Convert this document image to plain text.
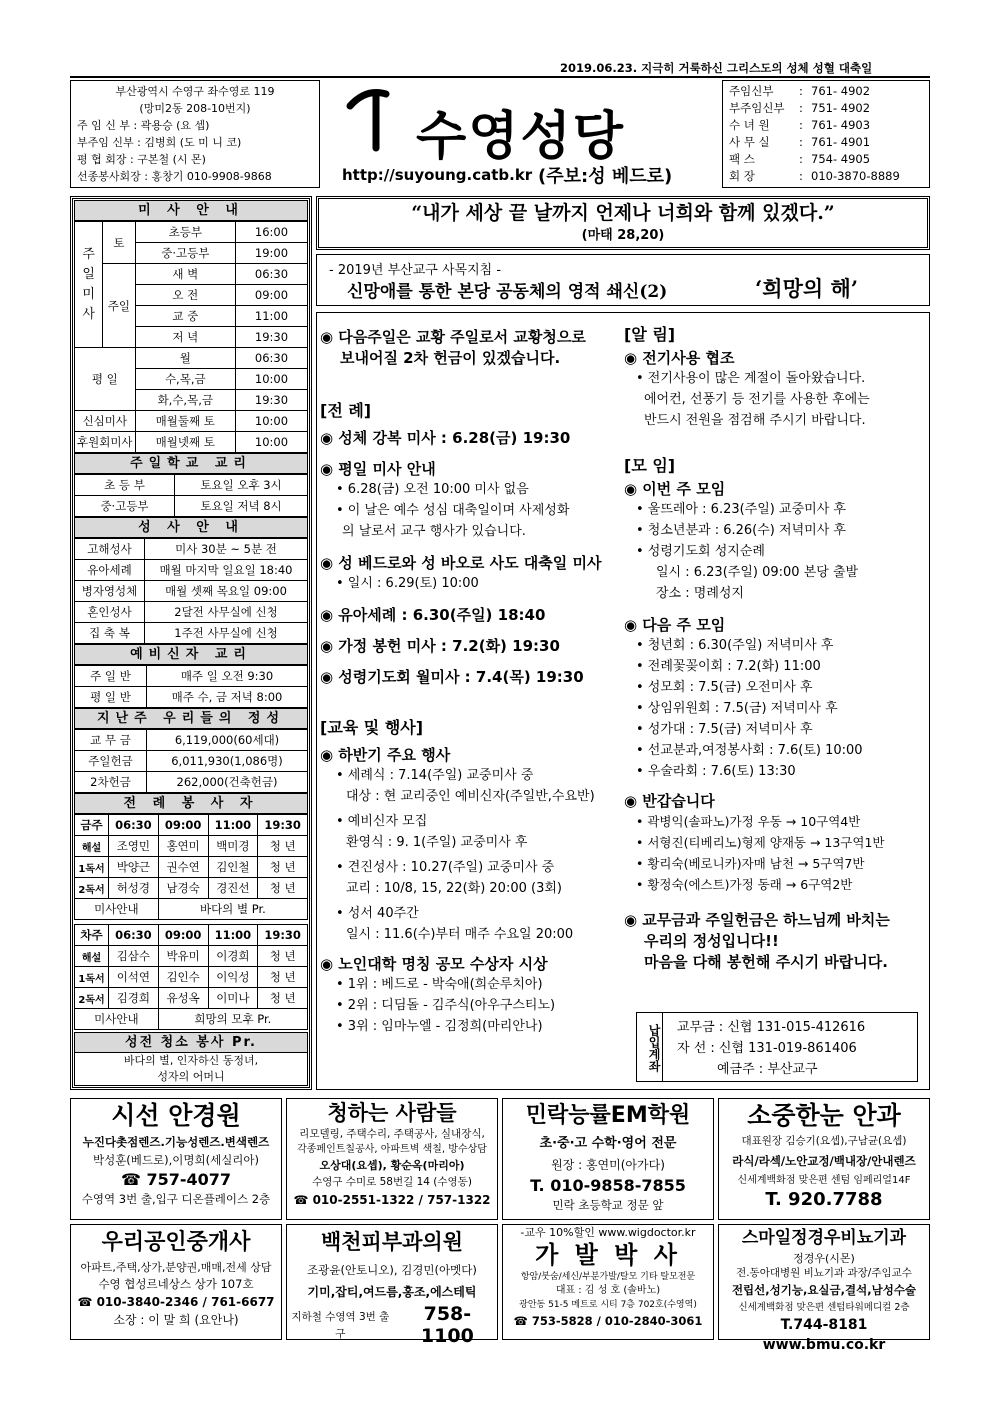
2019.06.23. 지극히 거룩하신 그리스도의 성체 성혈 대축일
부산광역시 수영구 좌수영로 119
(망미2동 208-10번지)
주 임 신 부 : 곽용승 (요 셉)
부주임 신부 : 김병희 (도 미 니 코)
평 협 회장 : 구본철 (시 몬)
선종봉사회장 : 홍창기 010-9908-9868
수영성당
http://suyoung.catb.kr (주보:성 베드로)
주임신부	: 761- 4902
부주임신부	: 751- 4902
수 녀 원	: 761- 4903
사 무 실	: 761- 4901
팩 스	: 754- 4905
회 장	: 010-3870-8889
미 사 안 내
주일미사	토	초등부	16:00
		중·고등부	19:00
	주일	새 벽	06:30
		오 전	09:00
		교 중	11:00
		저 녁	19:30
평 일		월	06:30
		수,목,금	10:00
		화,수,목,금	19:30
신심미사		매월둘째 토	10:00
후원회미사		매월넷째 토	10:00
주일학교 교리
초 등 부	토요일 오후 3시
중·고등부	토요일 저녁 8시
성 사 안 내
고해성사	미사 30분 ~ 5분 전
유아세례	매월 마지막 일요일 18:40
병자영성체	매월 셋째 목요일 09:00
혼인성사	2달전 사무실에 신청
집 축 복	1주전 사무실에 신청
예비신자 교리
주 일 반	매주 일 오전 9:30
평 일 반	매주 수, 금 저녁 8:00
지난주 우리들의 정성
교 무 금	6,119,000(60세대)
주일헌금	6,011,930(1,086명)
2차헌금	262,000(건축헌금)
전 례 봉 사 자
금주	06:30	09:00	11:00	19:30
해설	조영민	홍연미	백미경	청 년
1독서	박양근	권수연	김인철	청 년
2독서	허성경	남경숙	경진선	청 년
미사안내		바다의 별 Pr.		
차주	06:30	09:00	11:00	19:30
해설	김삼수	박유미	이경희	청 년
1독서	이석연	김인수	이익성	청 년
2독서	김경희	유성옥	이미나	청 년
미사안내		희망의 모후 Pr.		
성전 청소 봉사 Pr.
바다의 별, 인자하신 동정녀,
성자의 어머니
“내가 세상 끝 날까지 언제나 너희와 함께 있겠다.”
(마태 28,20)
- 2019년 부산교구 사목지침 -
신망애를 통한 본당 공동체의 영적 쇄신(2)	‘희망의 해’
◉ 다음주일은 교황 주일로서 교황청으로
보내어질 2차 헌금이 있겠습니다.
[전 례]
◉ 성체 강복 미사 : 6.28(금) 19:30
◉ 평일 미사 안내
• 6.28(금) 오전 10:00 미사 없음
• 이 날은 예수 성심 대축일이며 사제성화
의 날로서 교구 행사가 있습니다.
◉ 성 베드로와 성 바오로 사도 대축일 미사
• 일시 : 6.29(토) 10:00
◉ 유아세례 : 6.30(주일) 18:40
◉ 가정 봉헌 미사 : 7.2(화) 19:30
◉ 성령기도회 월미사 : 7.4(목) 19:30
[교육 및 행사]
◉ 하반기 주요 행사
• 세례식 : 7.14(주일) 교중미사 중
대상 : 현 교리중인 예비신자(주일반,수요반)
• 예비신자 모집
환영식 : 9. 1(주일) 교중미사 후
• 견진성사 : 10.27(주일) 교중미사 중
교리 : 10/8, 15, 22(화) 20:00 (3회)
• 성서 40주간
일시 : 11.6(수)부터 매주 수요일 20:00
◉ 노인대학 명칭 공모 수상자 시상
• 1위 : 베드로 - 박숙애(희순루치아)
• 2위 : 디딤돌 - 김주식(아우구스티노)
• 3위 : 임마누엘 - 김정희(마리안나)
[알 림]
◉ 전기사용 협조
• 전기사용이 많은 계절이 돌아왔습니다.
에어컨, 선풍기 등 전기를 사용한 후에는
반드시 전원을 점검해 주시기 바랍니다.
[모 임]
◉ 이번 주 모임
• 울뜨레아 : 6.23(주일) 교중미사 후
• 청소년분과 : 6.26(수) 저녁미사 후
• 성령기도회 성지순례
일시 : 6.23(주일) 09:00 본당 출발
장소 : 명례성지
◉ 다음 주 모임
• 청년회 : 6.30(주일) 저녁미사 후
• 전례꽃꽂이회 : 7.2(화) 11:00
• 성모회 : 7.5(금) 오전미사 후
• 상임위원회 : 7.5(금) 저녁미사 후
• 성가대 : 7.5(금) 저녁미사 후
• 선교분과,여정봉사회 : 7.6(토) 10:00
• 우술라회 : 7.6(토) 13:30
◉ 반갑습니다
• 곽병익(솔파노)가정 우동 → 10구역4반
• 서형진(티베리노)형제 양재동 → 13구역1반
• 황리숙(베로니카)자매 남천 → 5구역7반
• 황정숙(에스트)가정 동래 → 6구역2반
◉ 교무금과 주일헌금은 하느님께 바치는
우리의 정성입니다!!
마음을 다해 봉헌해 주시기 바랍니다.
납입계좌 교무금 : 신협 131-015-412616
자 선 : 신협 131-019-861406
예금주 : 부산교구
시선 안경원
누진다촛점렌즈.기능성렌즈.변색렌즈
박성훈(베드로),이명희(세실리아)
☎ 757-4077
수영역 3번 출,입구 디온플레이스 2층
청하는 사람들
리모델링, 주택수리, 주택공사, 실내장식,
각종페인트칠공사, 아파트벽 색칠, 방수상담
오상대(요셉), 황순옥(마리아)
수영구 수미로 58번길 14 (수영동)
☎ 010-2551-1322 / 757-1322
민락능률EM학원
초·중·고 수학·영어 전문
원장 : 홍연미(아가다)
T. 010-9858-7855
민락 초등학교 정문 앞
소중한눈 안과
대표원장 김승기(요셉),구남균(요셉)
라식/라섹/노안교정/백내장/안내렌즈
신세계백화점 맞은편 센텀 임페리얼14F
T. 920.7788
우리공인중개사
아파트,주택,상가,분양권,매매,전세 상담
수영 협성르네상스 상가 107호
☎ 010-3840-2346 / 761-6677
소장 : 이 말 희 (요안나)
백천피부과의원
조광윤(안토니오), 김경민(아멧다)
기미,잡티,여드름,홍조,에스테틱
지하철 수영역 3번 출구
758-1100
-교우 10%할인 www.wigdoctor.kr
가 발 박 사
항암/붓숨/세신/부분가발/탈모 기타 탈모전문
대표 : 김 성 호 (솔바노)
광안동 51-5 메트로 시티 7층 702호(수영역)
☎ 753-5828 / 010-2840-3061
스마일정경우비뇨기과
정경우(시몬)
전.동아대병원 비뇨기과 과장/주임교수
전립선,성기능,요실금,결석,남성수술
신세계백화점 맞은편 센텀타워메디컬 2층
T.744-8181 www.bmu.co.kr
